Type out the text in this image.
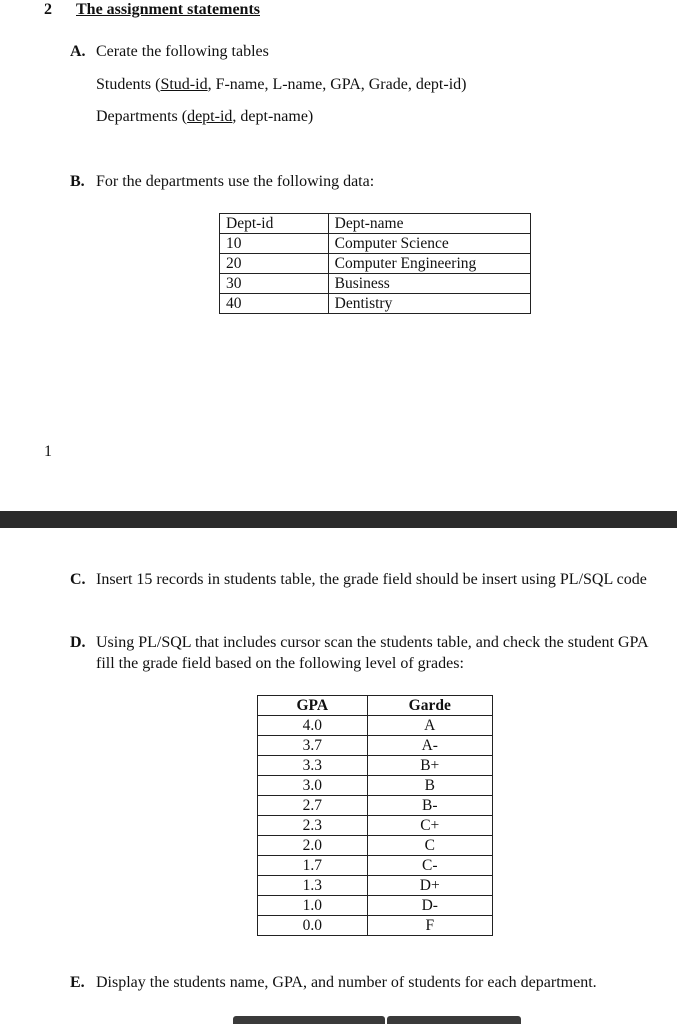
2 The assignment statements
A. Cerate the following tables
Students (Stud-id, F-name, L-name, GPA, Grade, dept-id)
Departments (dept-id, dept-name)
B. For the departments use the following data:
Dept-id	Dept-name
10	Computer Science
20	Computer Engineering
30	Business
40	Dentistry
1
C. Insert 15 records in students table, the grade field should be insert using PL/SQL code
D. Using PL/SQL that includes cursor scan the students table, and check the student GPA
fill the grade field based on the following level of grades:
GPA	Garde
4.0	A
3.7	A-
3.3	B+
3.0	B
2.7	B-
2.3	C+
2.0	C
1.7	C-
1.3	D+
1.0	D-
0.0	F
E. Display the students name, GPA, and number of students for each department.
